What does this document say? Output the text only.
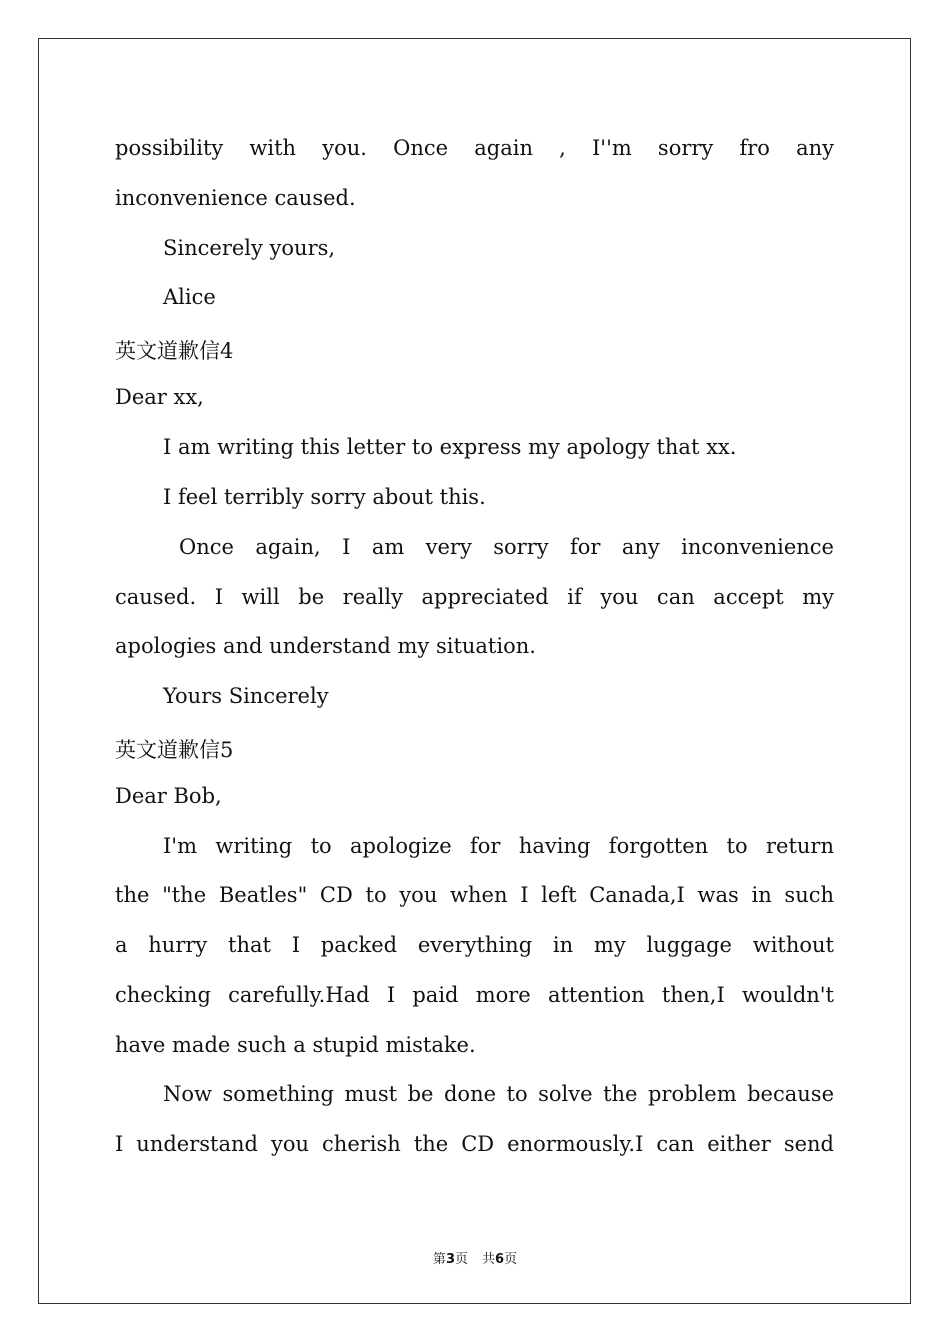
possibility with you. Once again , I''m sorry fro any
inconvenience caused.
Sincerely yours,
Alice
英文道歉信4
Dear xx,
I am writing this letter to express my apology that xx.
I feel terribly sorry about this.
Once again, I am very sorry for any inconvenience
caused. I will be really appreciated if you can accept my
apologies and understand my situation.
Yours Sincerely
英文道歉信5
Dear Bob,
I'm writing to apologize for having forgotten to return
the "the Beatles" CD to you when I left Canada,I was in such
a hurry that I packed everything in my luggage without
checking carefully.Had I paid more attention then,I wouldn't
have made such a stupid mistake.
Now something must be done to solve the problem because
I understand you cherish the CD enormously.I can either send
第3页 共6页
